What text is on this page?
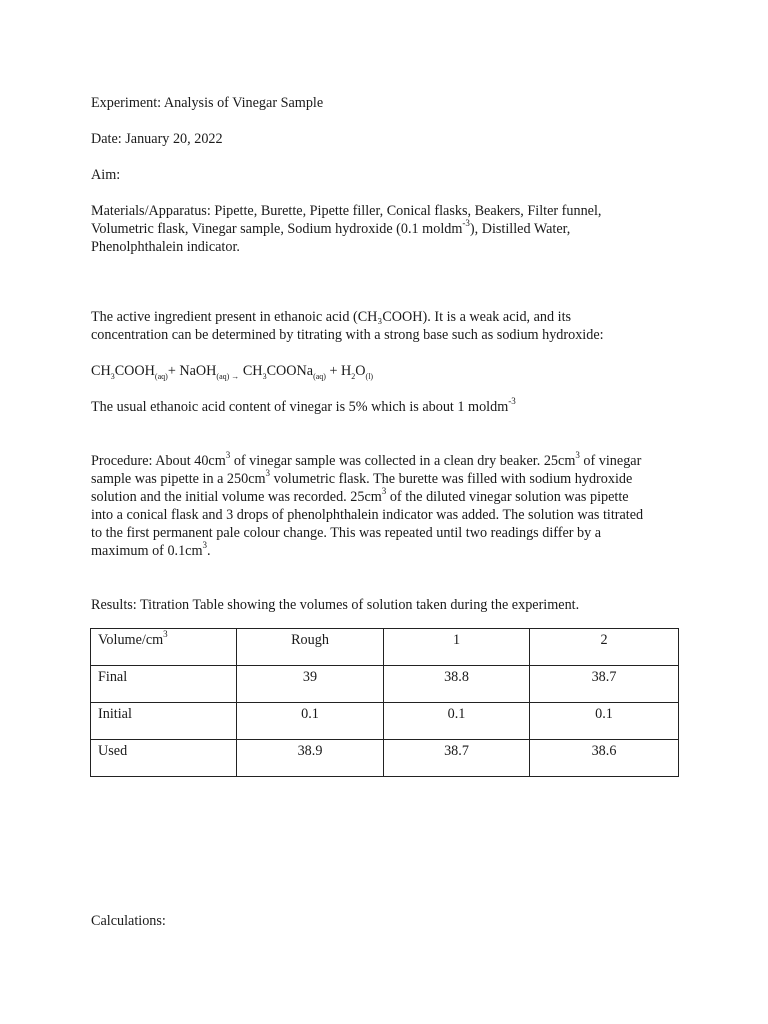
Experiment: Analysis of Vinegar Sample
Date: January 20, 2022
Aim:
Materials/Apparatus: Pipette, Burette, Pipette filler, Conical flasks, Beakers, Filter funnel,
Volumetric flask, Vinegar sample, Sodium hydroxide (0.1 moldm$^{-3}$), Distilled Water,
Phenolphthalein indicator.
The active ingredient present in ethanoic acid (CH₃COOH). It is a weak acid, and its
concentration can be determined by titrating with a strong base such as sodium hydroxide:
$CH_3COOH_{(aq)}+$ NaOH$_{(aq) \to}$ $CH_3COONa_{(aq)} + H_2O_{(l)}$
The usual ethanoic acid content of vinegar is 5% which is about 1 moldm$^{-3}$
Procedure: About $40cm^3$ of vinegar sample was collected in a clean dry beaker. $25cm^3$ of vinegar
sample was pipette in a $250cm^3$ volumetric flask. The burette was filled with sodium hydroxide
solution and the initial volume was recorded. $25cm^3$ of the diluted vinegar solution was pipette
into a conical flask and 3 drops of phenolphthalein indicator was added. The solution was titrated
to the first permanent pale colour change. This was repeated until two readings differ by a
maximum of $0.1cm^3$.
Results: Titration Table showing the volumes of solution taken during the experiment.
Volume/$cm^3$	Rough	1	2
Final	39	38.8	38.7
Initial	0.1	0.1	0.1
Used	38.9	38.7	38.6
Calculations:
